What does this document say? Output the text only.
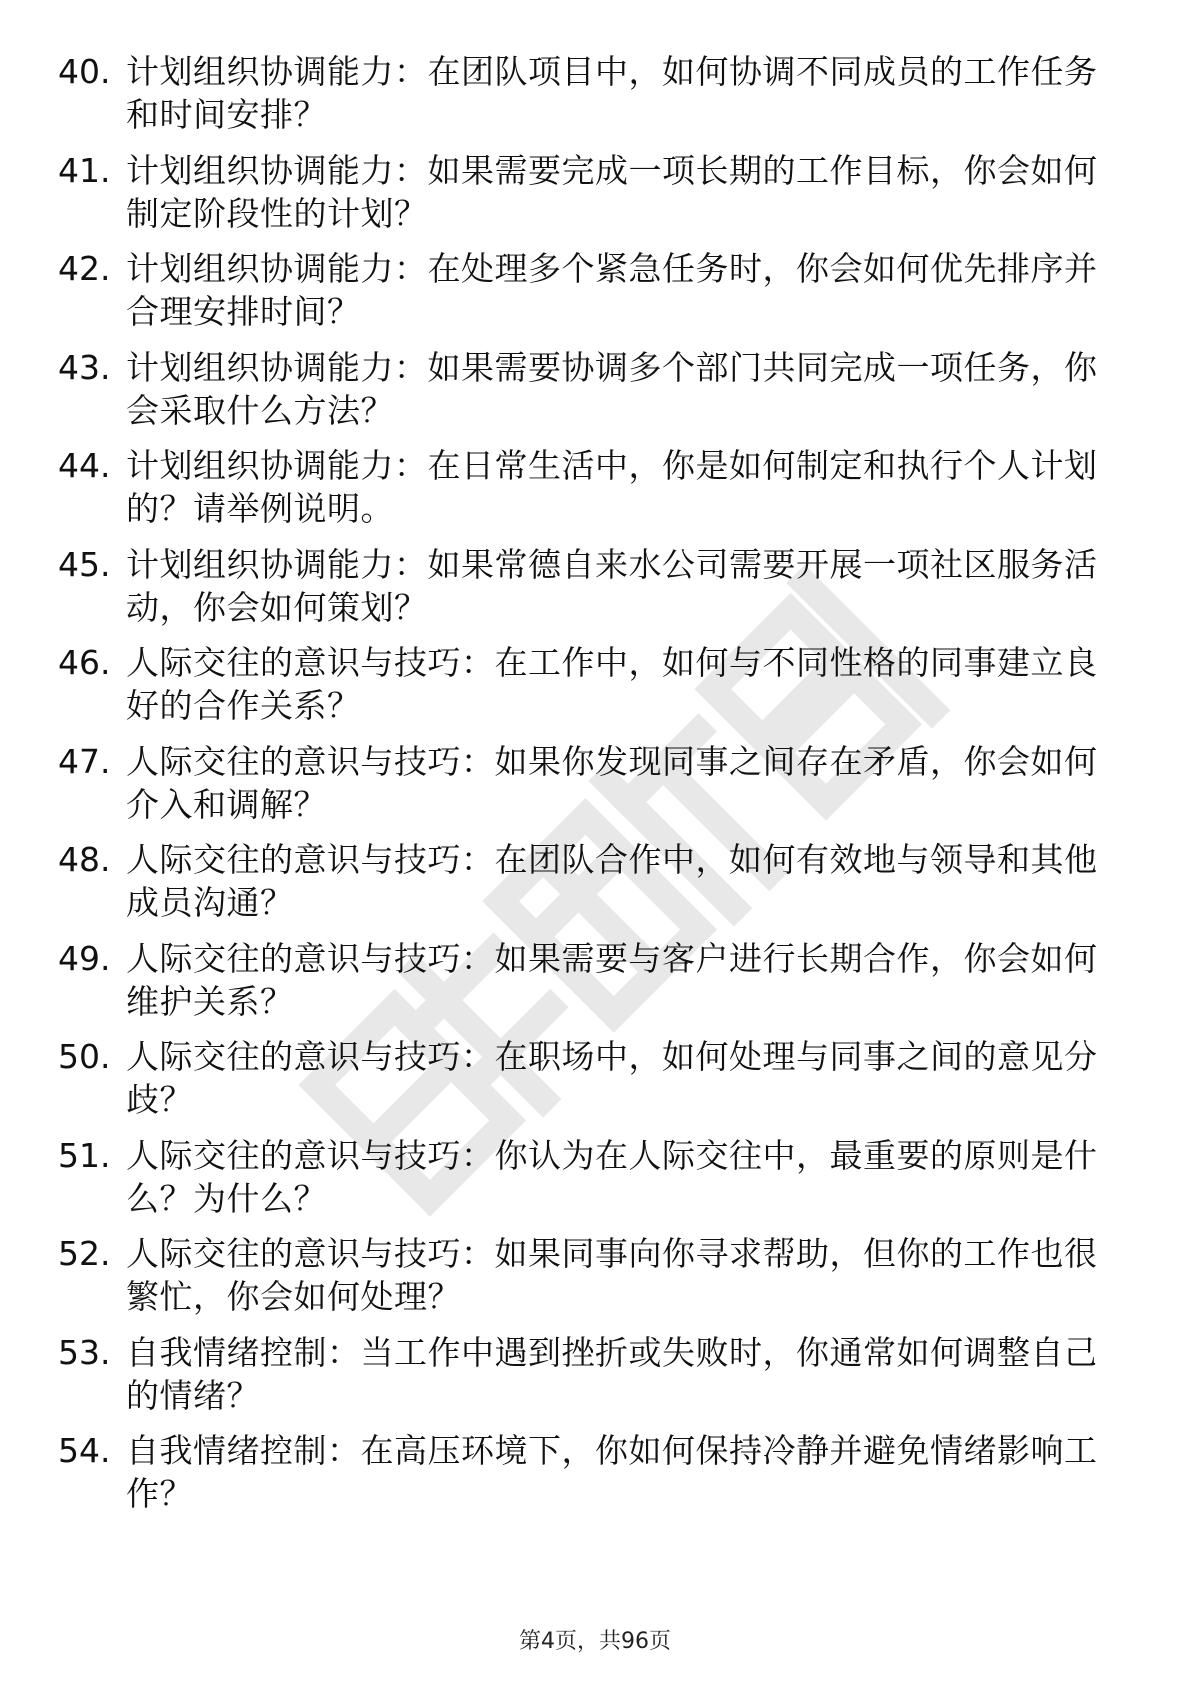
40. 计划组织协调能力：在团队项目中，如何协调不同成员的工作任务和时间安排？
41. 计划组织协调能力：如果需要完成一项长期的工作目标，你会如何制定阶段性的计划？
42. 计划组织协调能力：在处理多个紧急任务时，你会如何优先排序并合理安排时间？
43. 计划组织协调能力：如果需要协调多个部门共同完成一项任务，你会采取什么方法？
44. 计划组织协调能力：在日常生活中，你是如何制定和执行个人计划的？请举例说明。
45. 计划组织协调能力：如果常德自来水公司需要开展一项社区服务活动，你会如何策划？
46. 人际交往的意识与技巧：在工作中，如何与不同性格的同事建立良好的合作关系？
47. 人际交往的意识与技巧：如果你发现同事之间存在矛盾，你会如何介入和调解？
48. 人际交往的意识与技巧：在团队合作中，如何有效地与领导和其他成员沟通？
49. 人际交往的意识与技巧：如果需要与客户进行长期合作，你会如何维护关系？
50. 人际交往的意识与技巧：在职场中，如何处理与同事之间的意见分歧？
51. 人际交往的意识与技巧：你认为在人际交往中，最重要的原则是什么？为什么？
52. 人际交往的意识与技巧：如果同事向你寻求帮助，但你的工作也很繁忙，你会如何处理？
53. 自我情绪控制：当工作中遇到挫折或失败时，你通常如何调整自己的情绪？
54. 自我情绪控制：在高压环境下，你如何保持冷静并避免情绪影响工作？
第4页，共96页
